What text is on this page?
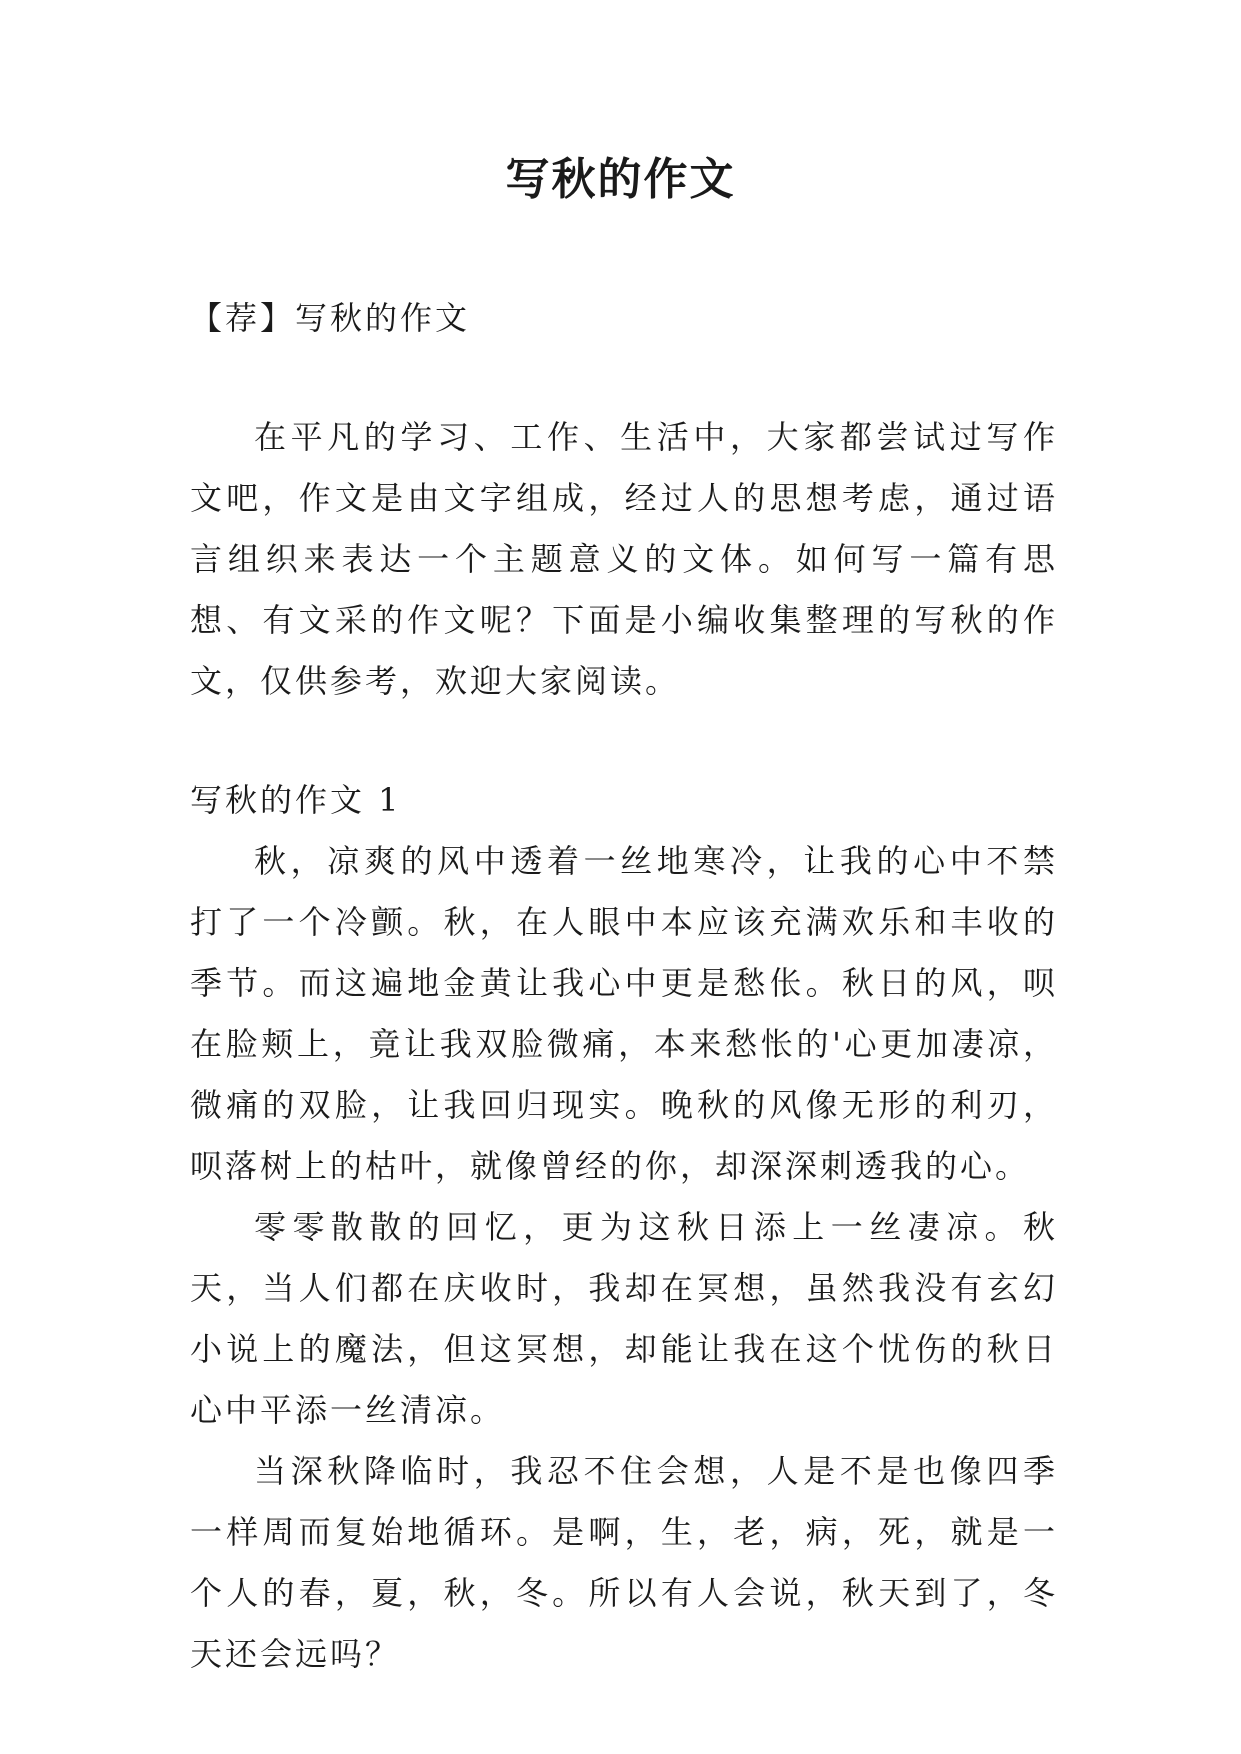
写秋的作文

【荐】写秋的作文

在平凡的学习、工作、生活中，大家都尝试过写作文吧，作文是由文字组成，经过人的思想考虑，通过语言组织来表达一个主题意义的文体。如何写一篇有思想、有文采的作文呢？下面是小编收集整理的写秋的作文，仅供参考，欢迎大家阅读。

写秋的作文 1

秋，凉爽的风中透着一丝地寒冷，让我的心中不禁打了一个冷颤。秋，在人眼中本应该充满欢乐和丰收的季节。而这遍地金黄让我心中更是愁伥。秋日的风，呗在脸颊上，竟让我双脸微痛，本来愁怅的'心更加凄凉，微痛的双脸，让我回归现实。晚秋的风像无形的利刃，呗落树上的枯叶，就像曾经的你，却深深刺透我的心。

零零散散的回忆，更为这秋日添上一丝凄凉。秋天，当人们都在庆收时，我却在冥想，虽然我没有玄幻小说上的魔法，但这冥想，却能让我在这个忧伤的秋日心中平添一丝清凉。

当深秋降临时，我忍不住会想，人是不是也像四季一样周而复始地循环。是啊，生，老，病，死，就是一个人的春，夏，秋，冬。所以有人会说，秋天到了，冬天还会远吗？
